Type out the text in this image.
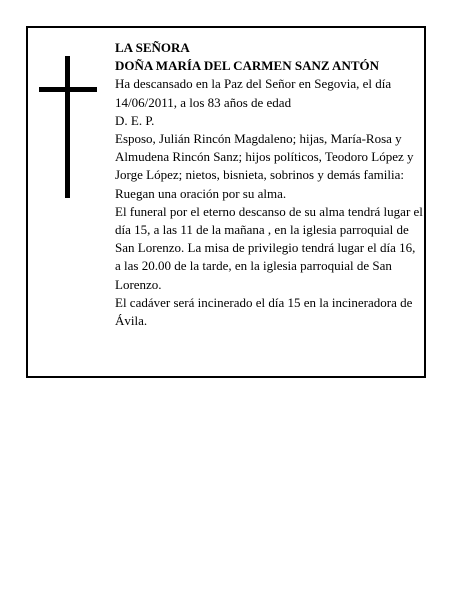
LA SEÑORA

DOÑA MARÍA DEL CARMEN SANZ ANTÓN

Ha descansado en la Paz del Señor en Segovia, el día 14/06/2011, a los 83 años de edad

D. E. P.

Esposo, Julián Rincón Magdaleno; hijas, María-Rosa y Almudena Rincón Sanz; hijos políticos, Teodoro López y Jorge López; nietos, bisnieta, sobrinos y demás familia:

Ruegan una oración por su alma.

El funeral por el eterno descanso de su alma tendrá lugar el día 15, a las 11 de la mañana , en la iglesia parroquial de San Lorenzo. La misa de privilegio tendrá lugar el día 16, a las 20.00 de la tarde, en la iglesia parroquial de San Lorenzo.

El cadáver será incinerado el día 15 en la incineradora de Ávila.
